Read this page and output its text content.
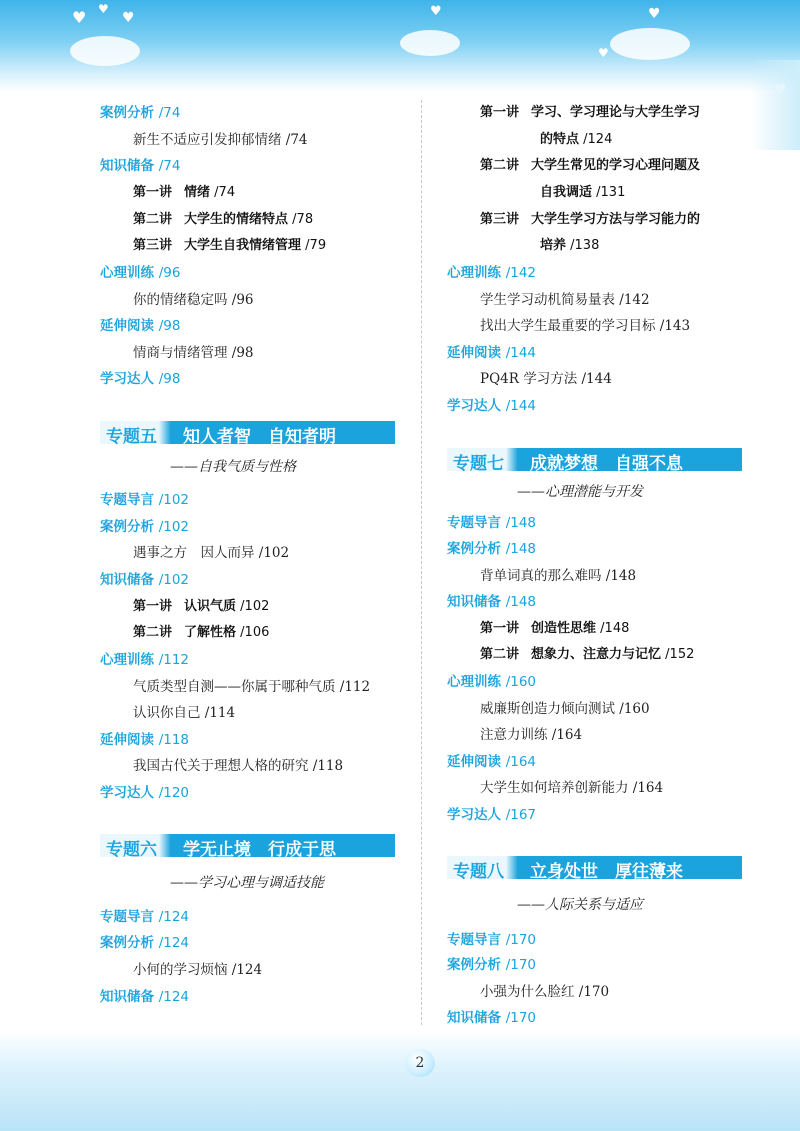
♥ ♥
♥	♥	♥
♥
♥
案例分析 /74
新生不适应引发抑郁情绪 /74
知识储备 /74
第一讲 情绪 /74
第二讲 大学生的情绪特点 /78
第三讲 大学生自我情绪管理 /79
心理训练 /96
你的情绪稳定吗 /96
延伸阅读 /98
情商与情绪管理 /98
学习达人 /98
专题五 知人者智　自知者明
——自我气质与性格
专题导言 /102
案例分析 /102
遇事之方　因人而异 /102
知识储备 /102
第一讲 认识气质 /102
第二讲 了解性格 /106
心理训练 /112
气质类型自测——你属于哪种气质 /112
认识你自己 /114
延伸阅读 /118
我国古代关于理想人格的研究 /118
学习达人 /120
专题六 学无止境　行成于思
——学习心理与调适技能
专题导言 /124
案例分析 /124
小何的学习烦恼 /124
知识储备 /124
第一讲 学习、学习理论与大学生学习
的特点 /124
第二讲 大学生常见的学习心理问题及
自我调适 /131
第三讲 大学生学习方法与学习能力的
培养 /138
心理训练 /142
学生学习动机简易量表 /142
找出大学生最重要的学习目标 /143
延伸阅读 /144
PQ4R 学习方法 /144
学习达人 /144
专题七 成就梦想　自强不息
——心理潜能与开发
专题导言 /148
案例分析 /148
背单词真的那么难吗 /148
知识储备 /148
第一讲 创造性思维 /148
第二讲 想象力、注意力与记忆 /152
心理训练 /160
威廉斯创造力倾向测试 /160
注意力训练 /164
延伸阅读 /164
大学生如何培养创新能力 /164
学习达人 /167
专题八 立身处世　厚往薄来
——人际关系与适应
专题导言 /170
案例分析 /170
小强为什么脸红 /170
知识储备 /170
2
